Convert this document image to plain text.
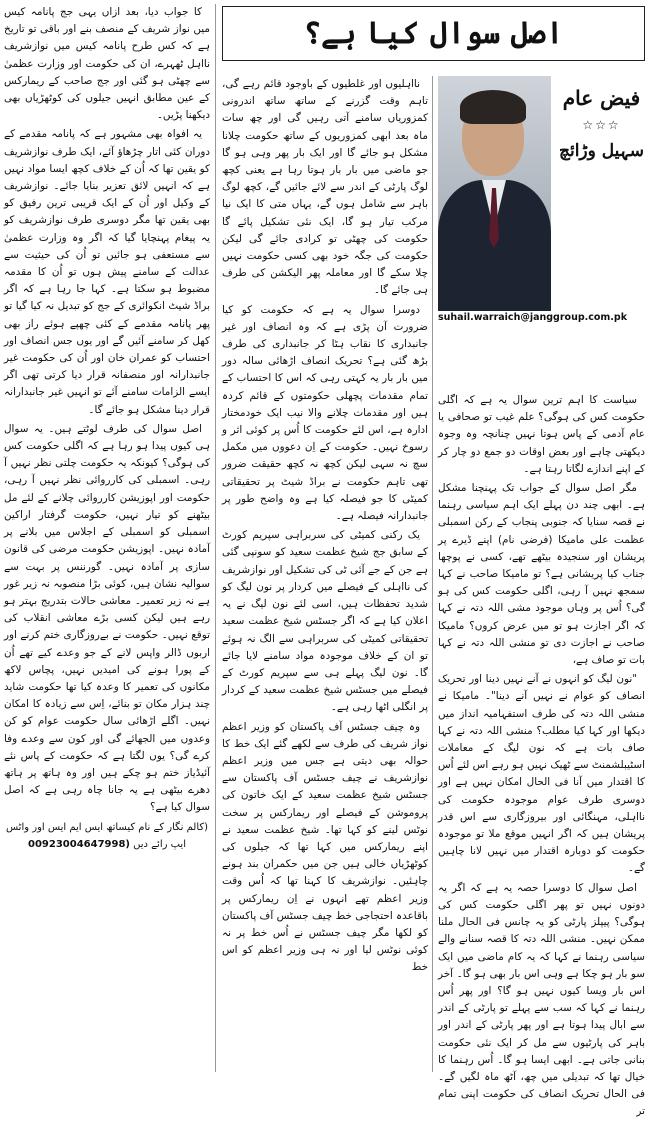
اصل سوال کیا ہے؟

فیض عام

☆☆☆

سہیل وڑائچ

suhail.warraich@janggroup.com.pk

سیاست کا اہم ترین سوال یہ ہے کہ اگلی حکومت کس کی ہوگی؟ علم غیب تو صحافی یا عام آدمی کے پاس ہوتا نہیں چنانچہ وہ وجوہ دیکھتی چاہے اور بعض اوقات دو جمع دو چار کر کے اپنے اندازے لگاتا رہتا ہے۔

مگر اصل سوال کے جواب تک پہنچنا مشکل ہے۔ ابھی چند دن پہلے ایک اہم سیاسی رہنما نے قصہ سنایا کہ جنوبی پنجاب کے رکن اسمبلی عظمت علی مامیکا (فرضی نام) اپنے ڈیرے پر پریشان اور سنجیدہ بیٹھے تھے، کسی نے پوچھا جناب کیا پریشانی ہے؟ تو مامیکا صاحب نے کہا سمجھ نہیں آ رہی، اگلی حکومت کس کی ہو گی؟ اُس پر وہاں موجود مشی اللہ دتہ نے کہا کہ اگر اجازت ہو تو میں عرض کروں؟ مامیکا صاحب نے اجازت دی تو منشی اللہ دتہ نے کہا بات تو صاف ہے،

"نون لیگ کو انہوں نے آنے نہیں دینا اور تحریک انصاف کو عوام نے نہیں آنے دینا"۔ مامیکا نے منشی اللہ دتہ کی طرف استفہامیہ انداز میں دیکھا اور کہا کیا مطلب؟ منشی اللہ دتہ نے کہا صاف بات ہے کہ نون لیگ کے معاملات اسٹیبلشمنٹ سے ٹھیک نہیں ہو رہے اس لئے اُس کا اقتدار میں آنا فی الحال امکان نہیں ہے اور دوسری طرف عوام موجودہ حکومت کی نااہلی، مہنگائی اور بیروزگاری سے اس قدر پریشان ہیں کہ اگر انہیں موقع ملا تو موجودہ حکومت کو دوبارہ اقتدار میں نہیں لانا چاہیں گے۔

اصل سوال کا دوسرا حصہ یہ ہے کہ اگر یہ دونوں نہیں تو پھر اگلی حکومت کس کی ہوگی؟ پیپلز پارٹی کو یہ چانس فی الحال ملنا ممکن نہیں۔ منشی اللہ دتہ کا قصہ سنانے والے سیاسی رہنما نے کہا کہ یہ کام ماضی میں ایک سو بار ہو چکا ہے وہی اس بار بھی ہو گا۔ آخر اس بار ویسا کیوں نہیں ہو گا؟ اور پھر اُس رہنما نے کہا کہ سب سے پہلے تو پارٹی کے اندر سے ابال پیدا ہوتا ہے اور پھر پارٹی کے اندر اور باہر کی پارٹیوں سے مل کر ایک نئی حکومت بنانی جاتی ہے۔ ابھی ایسا ہو گا۔ اُس رہنما کا خیال تھا کہ تبدیلی میں چھ، آٹھ ماہ لگیں گے۔ فی الحال تحریک انصاف کی حکومت اپنی تمام تر

نااہلیوں اور غلطیوں کے باوجود قائم رہے گی، تاہم وقت گزرنے کے ساتھ ساتھ اندرونی کمزوریاں سامنے آتی رہیں گی اور چھ سات ماہ بعد ابھی کمزوریوں کے ساتھ حکومت چلانا مشکل ہو جائے گا اور ایک بار پھر وہی ہو گا جو ماضی میں بار بار ہوتا رہا ہے یعنی کچھ لوگ پارٹی کے اندر سے لائے جائیں گے، کچھ لوگ باہر سے شامل ہوں گے، یہاں متی کا ایک نیا مرکب تیار ہو گا، ایک نئی تشکیل پائے گا حکومت کی چھٹی تو کرادی جائے گی لیکن حکومت کی جگہ خود بھی کسی حکومت نہیں چلا سکے گا اور معاملہ پھر الیکشن کی طرف ہی جائے گا۔

دوسرا سوال یہ ہے کہ حکومت کو کیا ضرورت آن پڑی ہے کہ وہ انصاف اور غیر جانبداری کا نقاب ہٹا کر جانبداری کی طرف بڑھ گئی ہے؟ تحریک انصاف اڑھائی سالہ دور میں بار بار یہ کہتی رہی کہ اس کا احتساب کے تمام مقدمات پچھلی حکومتوں کے قائم کردہ ہیں اور مقدمات چلانے والا نیب ایک خودمختار ادارہ ہے، اس لئے حکومت کا اُس پر کوئی اثر و رسوخ نہیں۔ حکومت کے اِن دعووں میں مکمل سچ نہ سہی لیکن کچھ نہ کچھ حقیقت ضرور تھی تاہم حکومت نے براڈ شیٹ پر تحقیقاتی کمیٹی کا جو فیصلہ کیا ہے وہ واضح طور پر جانبدارانہ فیصلہ ہے۔

یک رکنی کمیٹی کی سربراہی سپریم کورٹ کے سابق جج شیخ عظمت سعید کو سونپی گئی ہے جن کے جے آئی ٹی کی تشکیل اور نوازشریف کی نااہلی کے فیصلے میں کردار پر نون لیگ کو شدید تحفظات ہیں، اسی لئے نون لیگ نے یہ اعلان کیا ہے کہ اگر جسٹس شیخ عظمت سعید تحقیقاتی کمیٹی کی سربراہی سے الگ نہ ہوئے تو ان کے خلاف موجودہ مواد سامنے لایا جائے گا۔ نون لیگ پہلے ہی سے سپریم کورٹ کے فیصلے میں جسٹس شیخ عظمت سعید کے کردار پر انگلی اٹھا رہی ہے۔

وہ چیف جسٹس آف پاکستان کو وزیر اعظم نواز شریف کی طرف سے لکھے گئے ایک خط کا حوالہ بھی دیتی ہے جس میں وزیر اعظم نوازشریف نے چیف جسٹس آف پاکستان سے جسٹس شیخ عظمت سعید کے ایک خاتون کی پروموشن کے فیصلے اور ریمارکس پر سخت نوٹس لینے کو کہا تھا۔ شیخ عظمت سعید نے اپنے ریمارکس میں کہا تھا کہ جیلوں کی کوٹھڑیاں خالی ہیں جن میں حکمران بند ہونے چاہئیں۔ نوازشریف کا کہنا تھا کہ اُس وقت وزیر اعظم تھے انہوں نے اِن ریمارکس پر باقاعدہ احتجاجی خط چیف جسٹس آف پاکستان کو لکھا مگر چیف جسٹس نے اُس خط پر نہ کوئی نوٹس لیا اور نہ ہی وزیر اعظم کو اس خط

کا جواب دیا، بعد ازاں یہی جج پانامہ کیس میں نواز شریف کے منصف بنے اور باقی تو تاریخ ہے کہ کس طرح پانامہ کیس میں نوازشریف نااہل ٹھہرے، ان کی حکومت اور وزارت عظمیٰ سے چھٹی ہو گئی اور جج صاحب کے ریمارکس کے عین مطابق انہیں جیلوں کی کوٹھڑیاں بھی دیکھنا پڑیں۔

یہ افواہ بھی مشہور ہے کہ پانامہ مقدمے کے دوران کئی اتار چڑھاؤ آئے، ایک طرف نوازشریف کو یقین تھا کہ اُن کے خلاف کچھ ایسا مواد نہیں ہے کہ انہیں لائق تعزیر بنایا جائے۔ نوازشریف کے وکیل اور اُن کے ایک قریبی ترین رفیق کو بھی یقین تھا مگر دوسری طرف نوازشریف کو یہ پیغام پہنچایا گیا کہ اگر وہ وزارت عظمیٰ سے مستعفی ہو جائیں تو اُن کی حیثیت سے عدالت کے سامنے پیش ہوں تو اُن کا مقدمہ مضبوط ہو سکتا ہے۔ کہا جا رہا ہے کہ اگر براڈ شیٹ انکوائری کے جج کو تبدیل نہ کیا گیا تو پھر پانامہ مقدمے کے کئی چھپے ہوئے راز بھی کھل کر سامنے آئیں گے اور یوں جس انصاف اور احتساب کو عمران خان اور اُن کی حکومت غیر جانبدارانہ اور منصفانہ قرار دیا کرتی تھی اگر ایسے الزامات سامنے آئے تو انہیں غیر جانبدارانہ قرار دینا مشکل ہو جائے گا۔

اصل سوال کی طرف لوٹتے ہیں۔ یہ سوال ہی کیوں پیدا ہو رہا ہے کہ اگلی حکومت کس کی ہوگی؟ کیونکہ یہ حکومت چلتی نظر نہیں آ رہی۔ اسمبلی کی کارروائی نظر نہیں آ رہی، حکومت اور اپوزیشن کارروائی چلانے کے لئے مل بیٹھنے کو تیار نہیں، حکومت گرفتار اراکین اسمبلی کو اسمبلی کے اجلاس میں بلانے پر آمادہ نہیں۔ اپوزیشن حکومت مرضی کی قانون سازی پر آمادہ نہیں۔ گورننس پر بہت سے سوالیہ نشان ہیں، کوئی بڑا منصوبہ نہ زیر غور ہے نہ زیر تعمیر۔ معاشی حالات بتدریج بہتر ہو رہے ہیں لیکن کسی بڑے معاشی انقلاب کی توقع نہیں۔ حکومت نے بےروزگاری ختم کرنے اور اربوں ڈالر واپس لانے کے جو وعدے کیے تھے اُن کے پورا ہونے کی امیدیں نہیں، پچاس لاکھ مکانوں کی تعمیر کا وعدہ کیا تھا حکومت شاید چند ہزار مکان تو بنائے، اِس سے زیادہ کا امکان نہیں۔ اگلے اڑھائی سال حکومت عوام کو کن وعدوں میں الجھائے گی اور کون سے وعدے وفا کرے گی؟ یوں لگتا ہے کہ حکومت کے پاس نئے آئیڈیاز ختم ہو چکے ہیں اور وہ ہاتھ پر ہاتھ دھرے بیٹھی ہے یہ جانا چاہ رہی ہے کہ اصل سوال کیا ہے؟

(کالم نگار کے نام کیساتھ ایس ایم ایس اور واٹس ایپ رائے دیں 00923004647998)
